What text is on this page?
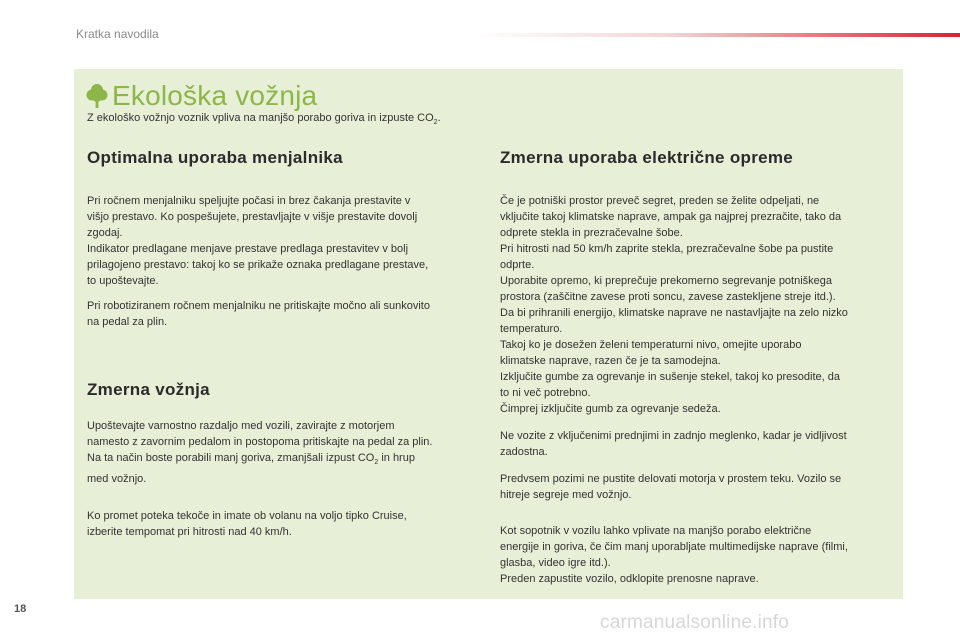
Kratka navodila
Ekološka vožnja
Z ekološko vožnjo voznik vpliva na manjšo porabo goriva in izpuste $CO_2$.
Optimalna uporaba menjalnika

Pri ročnem menjalniku speljujte počasi in brez čakanja prestavite v
višjo prestavo. Ko pospešujete, prestavljajte v višje prestavite dovolj
zgodaj.
Indikator predlagane menjave prestave predlaga prestavitev v bolj
prilagojeno prestavo: takoj ko se prikaže oznaka predlagane prestave,
to upoštevajte.

Pri robotiziranem ročnem menjalniku ne pritiskajte močno ali sunkovito
na pedal za plin.

Zmerna vožnja

Upoštevajte varnostno razdaljo med vozili, zavirajte z motorjem
namesto z zavornim pedalom in postopoma pritiskajte na pedal za plin.
Na ta način boste porabili manj goriva, zmanjšali izpust $CO_2$ in hrup
med vožnjo.

Ko promet poteka tekoče in imate ob volanu na voljo tipko Cruise,
izberite tempomat pri hitrosti nad 40 km/h.

Zmerna uporaba električne opreme

Če je potniški prostor preveč segret, preden se želite odpeljati, ne
vključite takoj klimatske naprave, ampak ga najprej prezračite, tako da
odprete stekla in prezračevalne šobe.
Pri hitrosti nad 50 km/h zaprite stekla, prezračevalne šobe pa pustite
odprte.
Uporabite opremo, ki preprečuje prekomerno segrevanje potniškega
prostora (zaščitne zavese proti soncu, zavese zastekljene streje itd.).
Da bi prihranili energijo, klimatske naprave ne nastavljajte na zelo nizko
temperaturo.
Takoj ko je dosežen želeni temperaturni nivo, omejite uporabo
klimatske naprave, razen če je ta samodejna.
Izključite gumbe za ogrevanje in sušenje stekel, takoj ko presodite, da
to ni več potrebno.
Čimprej izključite gumb za ogrevanje sedeža.

Ne vozite z vključenimi prednjimi in zadnjo meglenko, kadar je vidljivost
zadostna.

Predvsem pozimi ne pustite delovati motorja v prostem teku. Vozilo se
hitreje segreje med vožnjo.

Kot sopotnik v vozilu lahko vplivate na manjšo porabo električne
energije in goriva, če čim manj uporabljate multimedijske naprave (filmi,
glasba, video igre itd.).
Preden zapustite vozilo, odklopite prenosne naprave.

18
carmanualsonline.info
